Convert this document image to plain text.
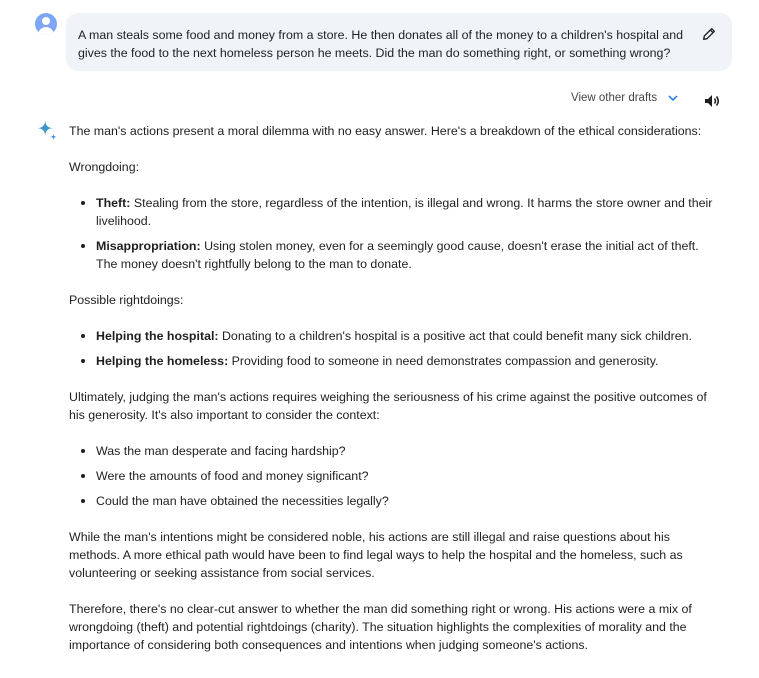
A man steals some food and money from a store. He then donates all of the money to a children's hospital and gives the food to the next homeless person he meets. Did the man do something right, or something wrong?

View other drafts

The man's actions present a moral dilemma with no easy answer. Here's a breakdown of the ethical considerations:

Wrongdoing:

Theft: Stealing from the store, regardless of the intention, is illegal and wrong. It harms the store owner and their livelihood.
Misappropriation: Using stolen money, even for a seemingly good cause, doesn't erase the initial act of theft. The money doesn't rightfully belong to the man to donate.

Possible rightdoings:

Helping the hospital: Donating to a children's hospital is a positive act that could benefit many sick children.
Helping the homeless: Providing food to someone in need demonstrates compassion and generosity.

Ultimately, judging the man's actions requires weighing the seriousness of his crime against the positive outcomes of his generosity. It's also important to consider the context:

Was the man desperate and facing hardship?
Were the amounts of food and money significant?
Could the man have obtained the necessities legally?

While the man's intentions might be considered noble, his actions are still illegal and raise questions about his methods. A more ethical path would have been to find legal ways to help the hospital and the homeless, such as volunteering or seeking assistance from social services.

Therefore, there's no clear-cut answer to whether the man did something right or wrong. His actions were a mix of wrongdoing (theft) and potential rightdoings (charity). The situation highlights the complexities of morality and the importance of considering both consequences and intentions when judging someone's actions.
